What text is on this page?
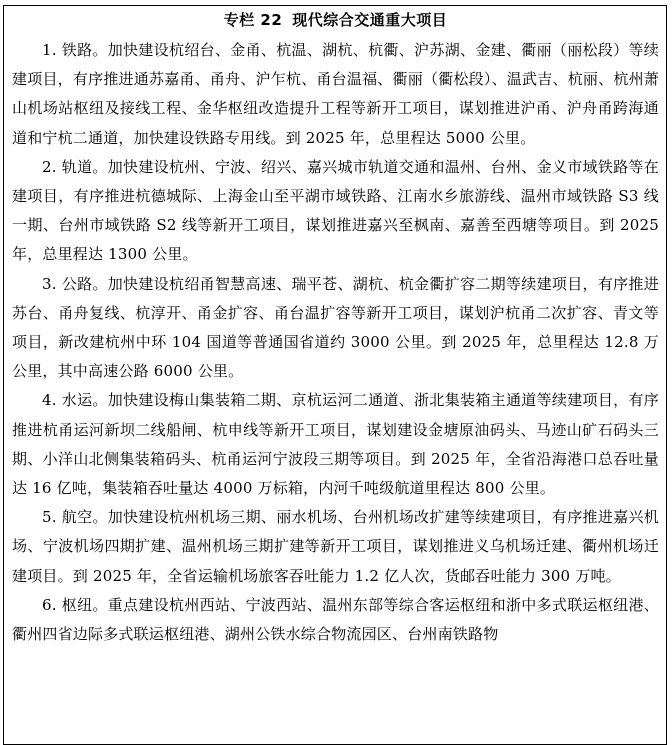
专栏 22 现代综合交通重大项目

1. 铁路。加快建设杭绍台、金甬、杭温、湖杭、杭衢、沪苏湖、金建、衢丽（丽松段）等续建项目，有序推进通苏嘉甬、甬舟、沪乍杭、甬台温福、衢丽（衢松段）、温武吉、杭丽、杭州萧山机场站枢纽及接线工程、金华枢纽改造提升工程等新开工项目，谋划推进沪甬、沪舟甬跨海通道和宁杭二通道，加快建设铁路专用线。到 2025 年，总里程达 5000 公里。

2. 轨道。加快建设杭州、宁波、绍兴、嘉兴城市轨道交通和温州、台州、金义市域铁路等在建项目，有序推进杭德城际、上海金山至平湖市域铁路、江南水乡旅游线、温州市域铁路 S3 线一期、台州市域铁路 S2 线等新开工项目，谋划推进嘉兴至枫南、嘉善至西塘等项目。到 2025 年，总里程达 1300 公里。

3. 公路。加快建设杭绍甬智慧高速、瑞平苍、湖杭、杭金衢扩容二期等续建项目，有序推进苏台、甬舟复线、杭淳开、甬金扩容、甬台温扩容等新开工项目，谋划沪杭甬二次扩容、青文等项目，新改建杭州中环 104 国道等普通国省道约 3000 公里。到 2025 年，总里程达 12.8 万公里，其中高速公路 6000 公里。

4. 水运。加快建设梅山集装箱二期、京杭运河二通道、浙北集装箱主通道等续建项目，有序推进杭甬运河新坝二线船闸、杭申线等新开工项目，谋划建设金塘原油码头、马迹山矿石码头三期、小洋山北侧集装箱码头、杭甬运河宁波段三期等项目。到 2025 年，全省沿海港口总吞吐量达 16 亿吨，集装箱吞吐量达 4000 万标箱，内河千吨级航道里程达 800 公里。

5. 航空。加快建设杭州机场三期、丽水机场、台州机场改扩建等续建项目，有序推进嘉兴机场、宁波机场四期扩建、温州机场三期扩建等新开工项目，谋划推进义乌机场迁建、衢州机场迁建项目。到 2025 年，全省运输机场旅客吞吐能力 1.2 亿人次，货邮吞吐能力 300 万吨。

6. 枢纽。重点建设杭州西站、宁波西站、温州东部等综合客运枢纽和浙中多式联运枢纽港、衢州四省边际多式联运枢纽港、湖州公铁水综合物流园区、台州南铁路物
